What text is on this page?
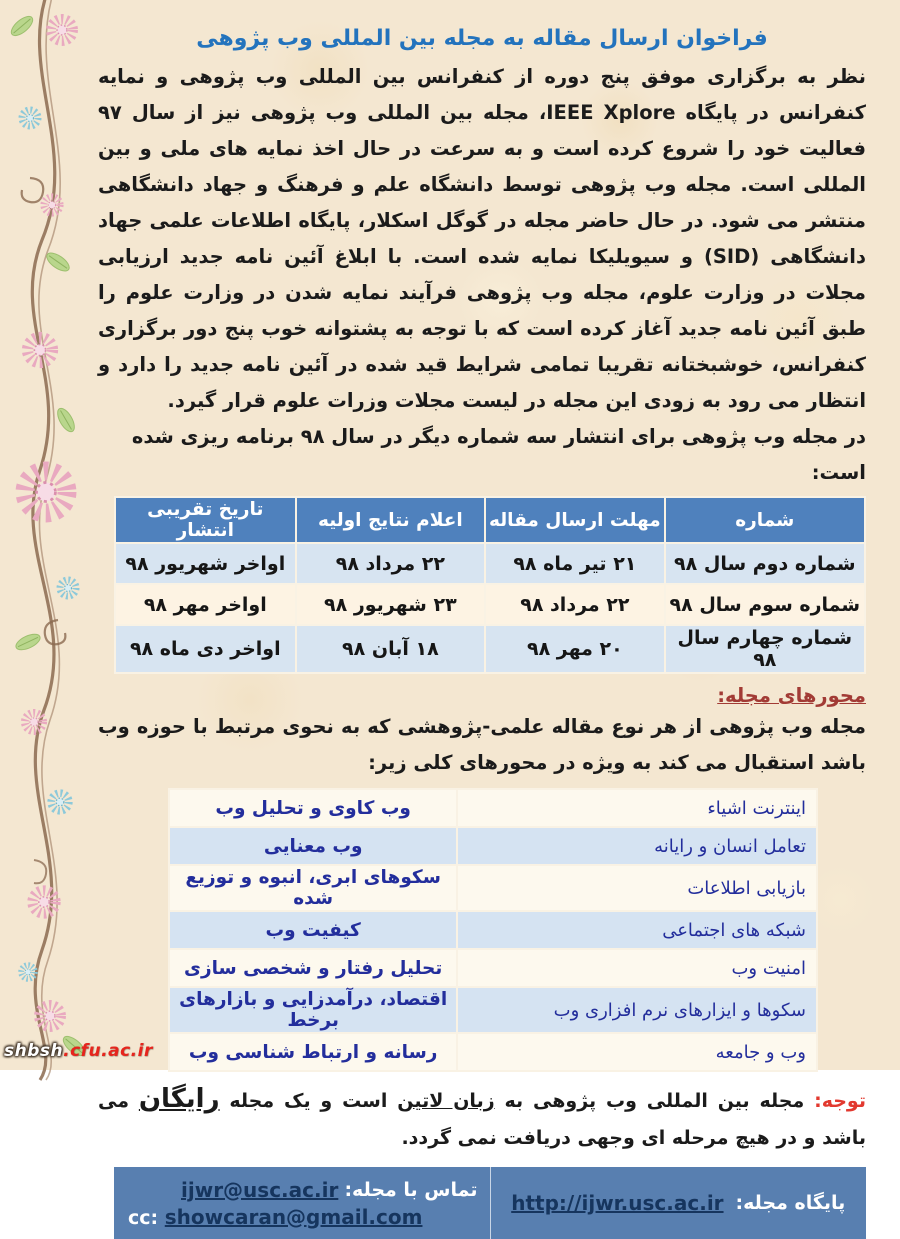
فراخوان ارسال مقاله به مجله بین المللی وب پژوهی

نظر به برگزاری موفق پنج دوره از کنفرانس بین المللی وب پژوهی و نمایه کنفرانس در پایگاه IEEE Xplore، مجله بین المللی وب پژوهی نیز از سال ۹۷ فعالیت خود را شروع کرده است و به سرعت در حال اخذ نمایه های ملی و بین المللی است. مجله وب پژوهی توسط دانشگاه علم و فرهنگ و جهاد دانشگاهی منتشر می شود. در حال حاضر مجله در گوگل اسکلار، پایگاه اطلاعات علمی جهاد دانشگاهی (SID) و سیویلیکا نمایه شده است. با ابلاغ آئین نامه جدید ارزیابی مجلات در وزارت علوم، مجله وب پژوهی فرآیند نمایه شدن در وزارت علوم را طبق آئین نامه جدید آغاز کرده است که با توجه به پشتوانه خوب پنج دور برگزاری کنفرانس، خوشبختانه تقریبا تمامی شرایط قید شده در آئین نامه جدید را دارد و انتظار می رود به زودی این مجله در لیست مجلات وزرات علوم قرار گیرد.

در مجله وب پژوهی برای انتشار سه شماره دیگر در سال ۹۸ برنامه ریزی شده است:

شماره	مهلت ارسال مقاله	اعلام نتایج اولیه	تاریخ تقریبی انتشار
شماره دوم سال ۹۸	۲۱ تیر ماه ۹۸	۲۲ مرداد ۹۸	اواخر شهریور ۹۸
شماره سوم سال ۹۸	۲۲ مرداد ۹۸	۲۳ شهریور ۹۸	اواخر مهر ۹۸
شماره چهارم سال ۹۸	۲۰ مهر ۹۸	۱۸ آبان ۹۸	اواخر دی ماه ۹۸
محورهای مجله:

مجله وب پژوهی از هر نوع مقاله علمی-پژوهشی که به نحوی مرتبط با حوزه وب باشد استقبال می کند به ویژه در محورهای کلی زیر:

اینترنت اشیاء	وب کاوی و تحلیل وب
تعامل انسان و رایانه	وب معنایی
بازیابی اطلاعات	سکوهای ابری، انبوه و توزیع شده
شبکه های اجتماعی	کیفیت وب
امنیت وب	تحلیل رفتار و شخصی سازی
سکوها و ایزارهای نرم افزاری وب	اقتصاد، درآمدزایی و بازارهای برخط
وب و جامعه	رسانه و ارتباط شناسی وب

توجه: مجله بین المللی وب پژوهی به زبان لاتین است و یک مجله رایگان می باشد و در هیچ مرحله ای وجهی دریافت نمی گردد.

پایگاه مجله:
http://ijwr.usc.ac.ir
تماس با مجله:
ijwr@usc.ac.ir
cc: showcaran@gmail.com
shbsh.cfu.ac.ir
